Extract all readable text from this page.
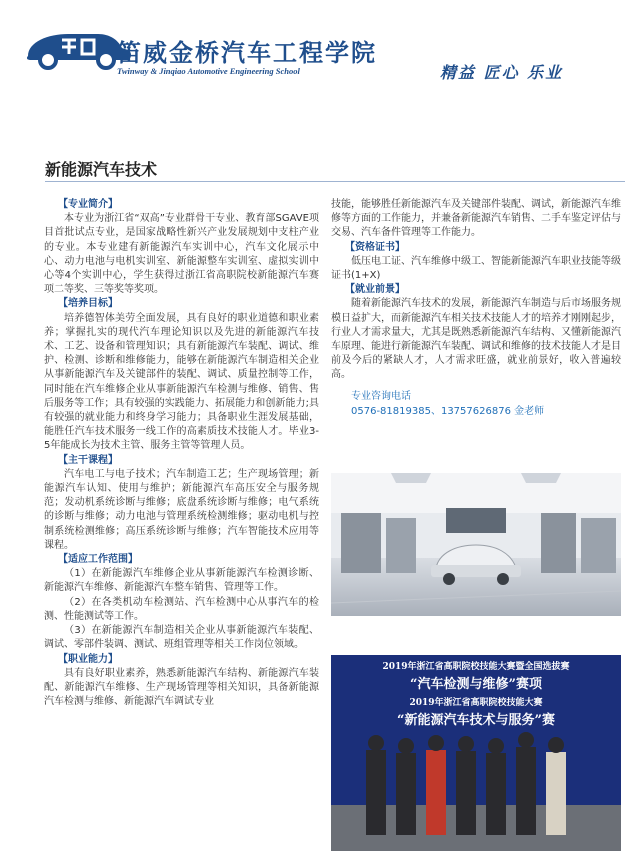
笛威金桥汽车工程学院
Twinway & Jinqiao Automotive Engineering School	精益 匠心 乐业
新能源汽车技术
【专业简介】

本专业为浙江省“双高”专业群骨干专业、教育部SGAVE项目首批试点专业，是国家战略性新兴产业发展规划中支柱产业的专业。本专业建有新能源汽车实训中心，汽车文化展示中心、动力电池与电机实训室、新能源整车实训室、虚拟实训中心等4个实训中心，学生获得过浙江省高职院校新能源汽车赛项二等奖、三等奖等奖项。

【培养目标】

培养德智体美劳全面发展，具有良好的职业道德和职业素养；掌握扎实的现代汽车理论知识以及先进的新能源汽车技术、工艺、设备和管理知识；具有新能源汽车装配、调试、维护、检测、诊断和维修能力，能够在新能源汽车制造相关企业从事新能源汽车及关键部件的装配、调试、质量控制等工作，同时能在汽车维修企业从事新能源汽车检测与维修、销售、售后服务等工作；具有较强的实践能力、拓展能力和创新能力;具有较强的就业能力和终身学习能力；具备职业生涯发展基础，能胜任汽车技术服务一线工作的高素质技术技能人才。毕业3-5年能成长为技术主管、服务主管等管理人员。

【主干课程】

汽车电工与电子技术；汽车制造工艺；生产现场管理；新能源汽车认知、使用与维护；新能源汽车高压安全与服务规范；发动机系统诊断与维修；底盘系统诊断与维修；电气系统的诊断与维修；动力电池与管理系统检测维修；驱动电机与控制系统检测维修；高压系统诊断与维修；汽车智能技术应用等课程。

【适应工作范围】

（1）在新能源汽车维修企业从事新能源汽车检测诊断、新能源汽车维修、新能源汽车整车销售、管理等工作。

（2）在各类机动车检测站、汽车检测中心从事汽车的检测、性能测试等工作。

（3）在新能源汽车制造相关企业从事新能源汽车装配、调试、零部件装调、测试、班组管理等相关工作岗位领域。

【职业能力】

具有良好职业素养，熟悉新能源汽车结构、新能源汽车装配、新能源汽车维修、生产现场管理等相关知识，具备新能源汽车检测与维修、新能源汽车调试专业

技能，能够胜任新能源汽车及关键部件装配、调试，新能源汽车维修等方面的工作能力，并兼备新能源汽车销售、二手车鉴定评估与交易、汽车备件管理等工作能力。

【资格证书】

低压电工证、汽车维修中级工、智能新能源汽车职业技能等级证书(1+X)

【就业前景】

随着新能源汽车技术的发展，新能源汽车制造与后市场服务规模日益扩大，而新能源汽车相关技术技能人才的培养才刚刚起步，行业人才需求量大，尤其是既熟悉新能源汽车结构、又懂新能源汽车原理、能进行新能源汽车装配、调试和维修的技术技能人才是目前及今后的紧缺人才，人才需求旺盛，就业前景好，收入普遍较高。

专业咨询电话
0576-81819385、13757626876 金老师
2019年浙江省高职院校技能大赛暨全国选拔赛
“汽车检测与维修”赛项
2019年浙江省高职院校技能大赛
“新能源汽车技术与服务”赛
